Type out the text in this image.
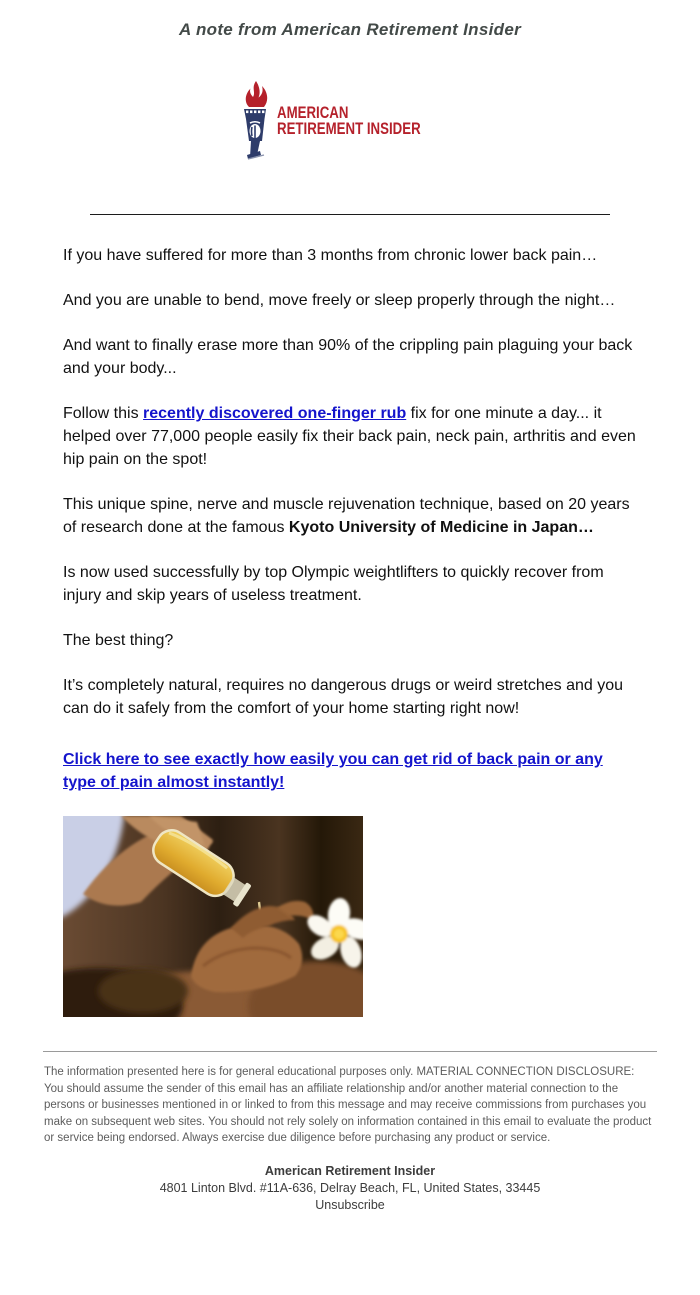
A note from American Retirement Insider
AMERICAN
RETIREMENT INSIDER

If you have suffered for more than 3 months from chronic lower back pain…

And you are unable to bend, move freely or sleep properly through the night…

And want to finally erase more than 90% of the crippling pain plaguing your back and your body...

Follow this recently discovered one-finger rub fix for one minute a day... it helped over 77,000 people easily fix their back pain, neck pain, arthritis and even hip pain on the spot!

This unique spine, nerve and muscle rejuvenation technique, based on 20 years of research done at the famous Kyoto University of Medicine in Japan…

Is now used successfully by top Olympic weightlifters to quickly recover from injury and skip years of useless treatment.

The best thing?

It’s completely natural, requires no dangerous drugs or weird stretches and you can do it safely from the comfort of your home starting right now!

Click here to see exactly how easily you can get rid of back pain or any type of pain almost instantly!

The information presented here is for general educational purposes only. MATERIAL CONNECTION DISCLOSURE: You should assume the sender of this email has an affiliate relationship and/or another material connection to the persons or businesses mentioned in or linked to from this message and may receive commissions from purchases you make on subsequent web sites. You should not rely solely on information contained in this email to evaluate the product or service being endorsed. Always exercise due diligence before purchasing any product or service.
American Retirement Insider
4801 Linton Blvd. #11A-636, Delray Beach, FL, United States, 33445
Unsubscribe
